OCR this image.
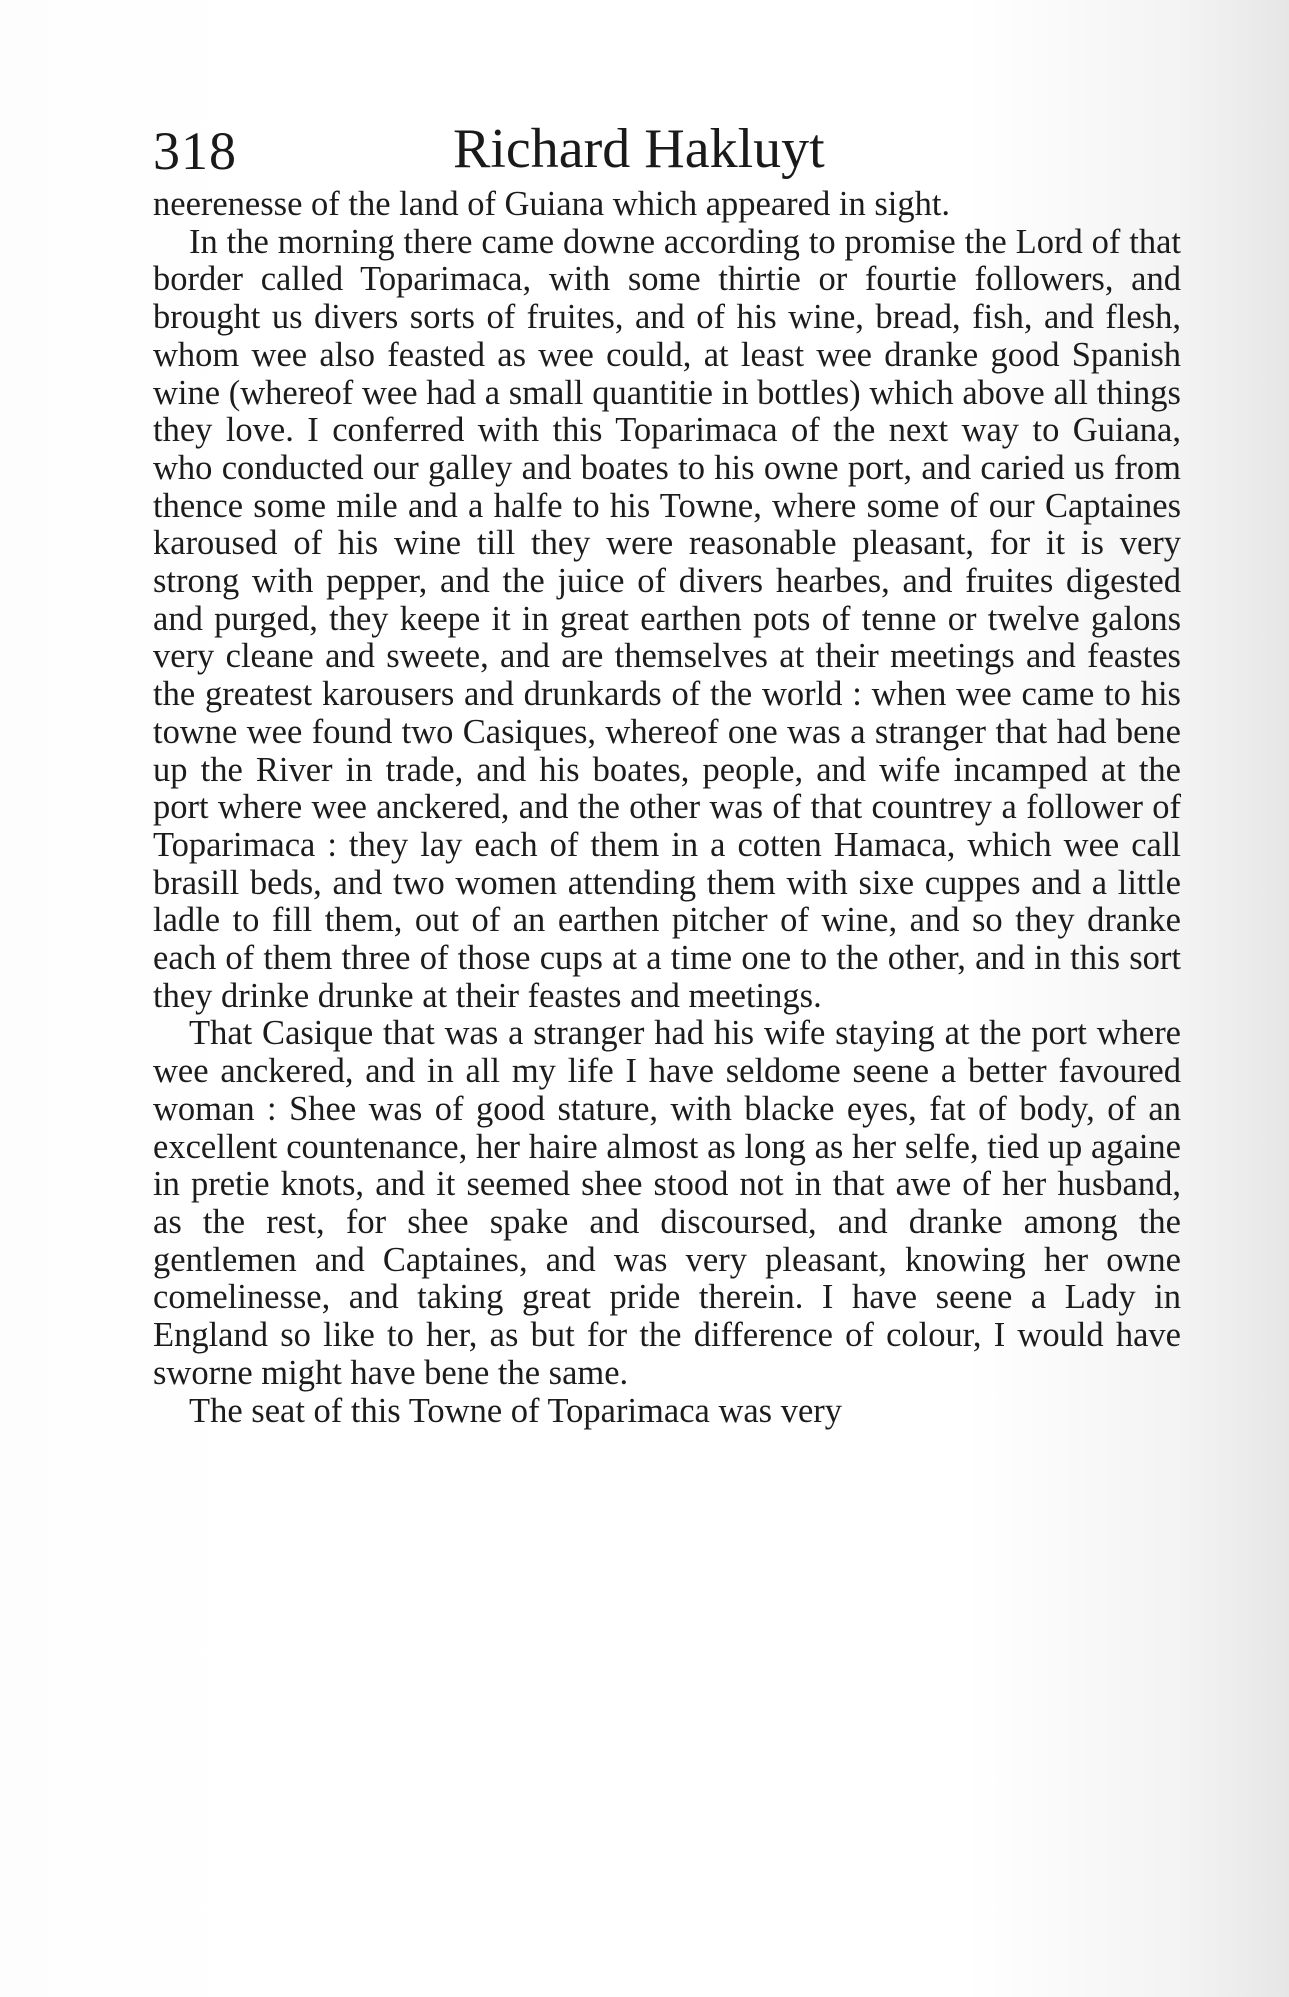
318	Richard Hakluyt

neerenesse of the land of Guiana which appeared in sight.

In the morning there came downe according to promise the Lord of that border called Toparimaca, with some thirtie or fourtie followers, and brought us divers sorts of fruites, and of his wine, bread, fish, and flesh, whom wee also feasted as wee could, at least wee dranke good Spanish wine (whereof wee had a small quantitie in bottles) which above all things they love. I conferred with this Toparimaca of the next way to Guiana, who conducted our galley and boates to his owne port, and caried us from thence some mile and a halfe to his Towne, where some of our Captaines karoused of his wine till they were reasonable pleasant, for it is very strong with pepper, and the juice of divers hearbes, and fruites digested and purged, they keepe it in great earthen pots of tenne or twelve galons very cleane and sweete, and are themselves at their meetings and feastes the greatest karousers and drunkards of the world : when wee came to his towne wee found two Casiques, whereof one was a stranger that had bene up the River in trade, and his boates, people, and wife incamped at the port where wee anckered, and the other was of that countrey a follower of Toparimaca : they lay each of them in a cotten Hamaca, which wee call brasill beds, and two women attending them with sixe cuppes and a little ladle to fill them, out of an earthen pitcher of wine, and so they dranke each of them three of those cups at a time one to the other, and in this sort they drinke drunke at their feastes and meetings.

That Casique that was a stranger had his wife staying at the port where wee anckered, and in all my life I have seldome seene a better favoured woman : Shee was of good stature, with blacke eyes, fat of body, of an excellent countenance, her haire almost as long as her selfe, tied up againe in pretie knots, and it seemed shee stood not in that awe of her husband, as the rest, for shee spake and discoursed, and dranke among the gentlemen and Captaines, and was very pleasant, knowing her owne comelinesse, and taking great pride therein. I have seene a Lady in England so like to her, as but for the difference of colour, I would have sworne might have bene the same.

The seat of this Towne of Toparimaca was very
